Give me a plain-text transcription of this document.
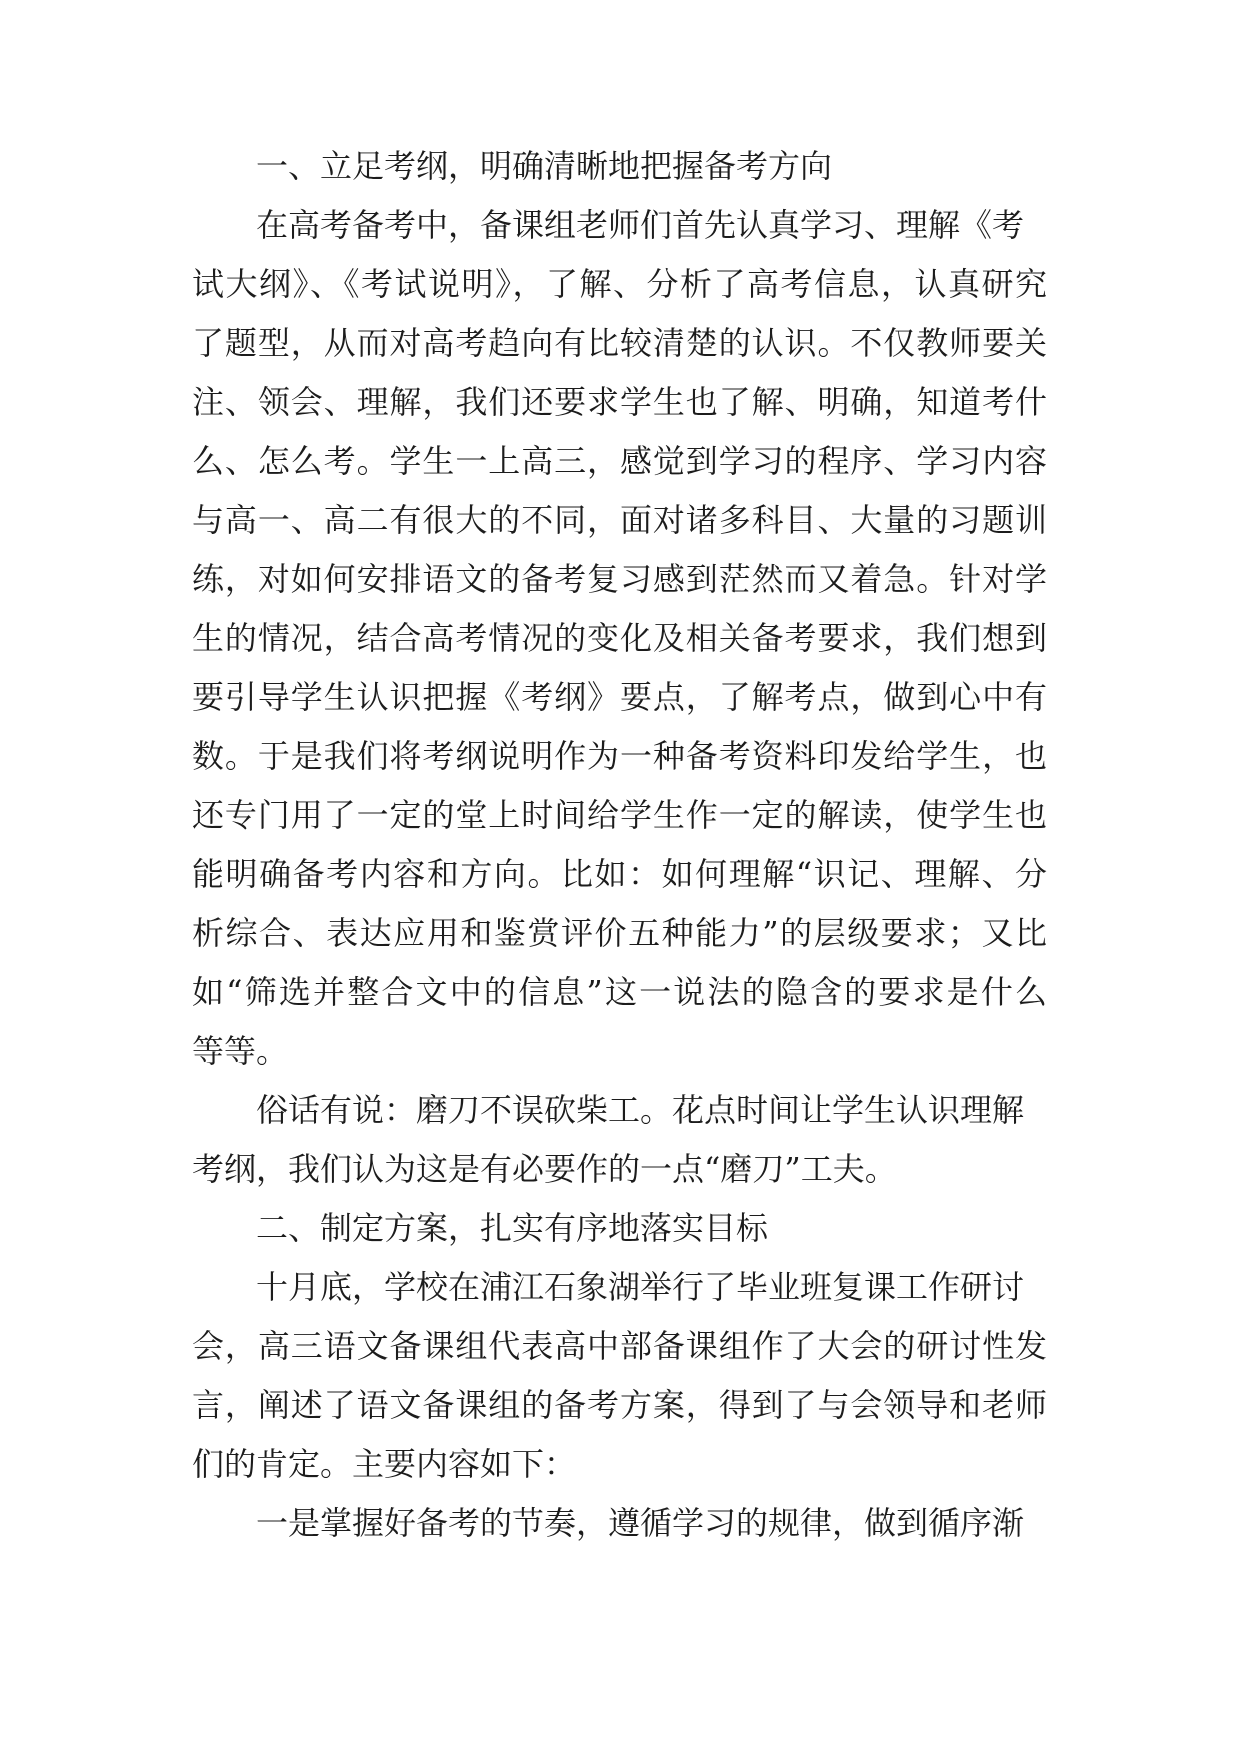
一、立足考纲，明确清晰地把握备考方向

在高考备考中，备课组老师们首先认真学习、理解《考

试大纲》、《考试说明》，了解、分析了高考信息，认真研究

了题型，从而对高考趋向有比较清楚的认识。不仅教师要关

注、领会、理解，我们还要求学生也了解、明确，知道考什

么、怎么考。学生一上高三，感觉到学习的程序、学习内容

与高一、高二有很大的不同，面对诸多科目、大量的习题训

练，对如何安排语文的备考复习感到茫然而又着急。针对学

生的情况，结合高考情况的变化及相关备考要求，我们想到

要引导学生认识把握《考纲》要点，了解考点，做到心中有

数。于是我们将考纲说明作为一种备考资料印发给学生，也

还专门用了一定的堂上时间给学生作一定的解读，使学生也

能明确备考内容和方向。比如：如何理解“识记、理解、分

析综合、表达应用和鉴赏评价五种能力”的层级要求；又比

如“筛选并整合文中的信息”这一说法的隐含的要求是什么

等等。

俗话有说：磨刀不误砍柴工。花点时间让学生认识理解

考纲，我们认为这是有必要作的一点“磨刀”工夫。

二、制定方案，扎实有序地落实目标

十月底，学校在浦江石象湖举行了毕业班复课工作研讨

会，高三语文备课组代表高中部备课组作了大会的研讨性发

言，阐述了语文备课组的备考方案，得到了与会领导和老师

们的肯定。主要内容如下：

一是掌握好备考的节奏，遵循学习的规律，做到循序渐
